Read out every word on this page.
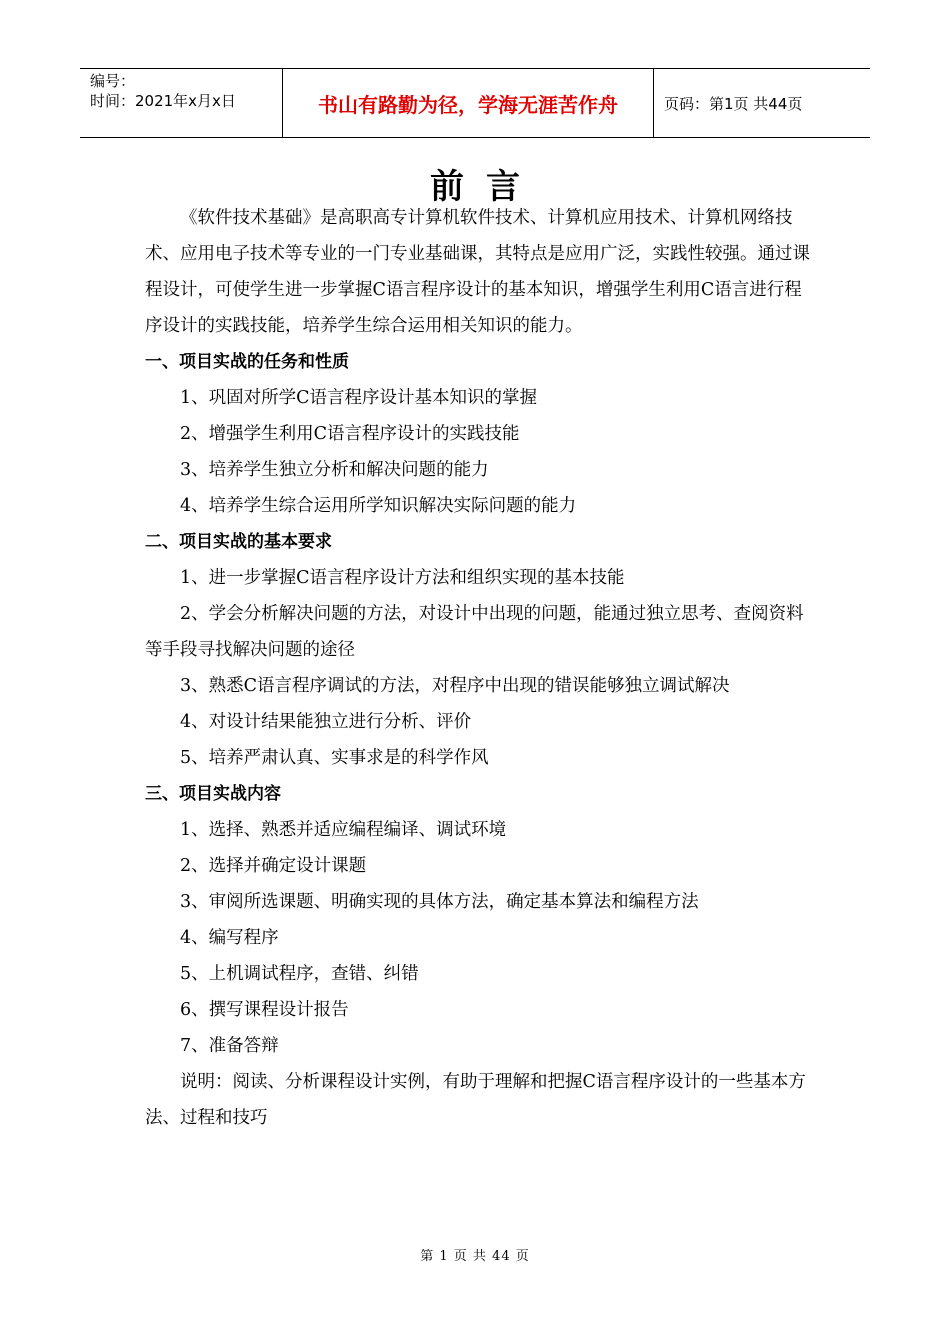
编号：
时间：2021年x月x日	书山有路勤为径，学海无涯苦作舟	页码：第1页 共44页
前言

《软件技术基础》是高职高专计算机软件技术、计算机应用技术、计算机网络技术、应用电子技术等专业的一门专业基础课，其特点是应用广泛，实践性较强。通过课程设计，可使学生进一步掌握C语言程序设计的基本知识，增强学生利用C语言进行程序设计的实践技能，培养学生综合运用相关知识的能力。

一、项目实战的任务和性质

1、巩固对所学C语言程序设计基本知识的掌握

2、增强学生利用C语言程序设计的实践技能

3、培养学生独立分析和解决问题的能力

4、培养学生综合运用所学知识解决实际问题的能力

二、项目实战的基本要求

1、进一步掌握C语言程序设计方法和组织实现的基本技能

2、学会分析解决问题的方法，对设计中出现的问题，能通过独立思考、查阅资料等手段寻找解决问题的途径

3、熟悉C语言程序调试的方法，对程序中出现的错误能够独立调试解决

4、对设计结果能独立进行分析、评价

5、培养严肃认真、实事求是的科学作风

三、项目实战内容

1、选择、熟悉并适应编程编译、调试环境

2、选择并确定设计课题

3、审阅所选课题、明确实现的具体方法，确定基本算法和编程方法

4、编写程序

5、上机调试程序，查错、纠错

6、撰写课程设计报告

7、准备答辩

说明：阅读、分析课程设计实例，有助于理解和把握C语言程序设计的一些基本方法、过程和技巧

第 1 页 共 44 页
